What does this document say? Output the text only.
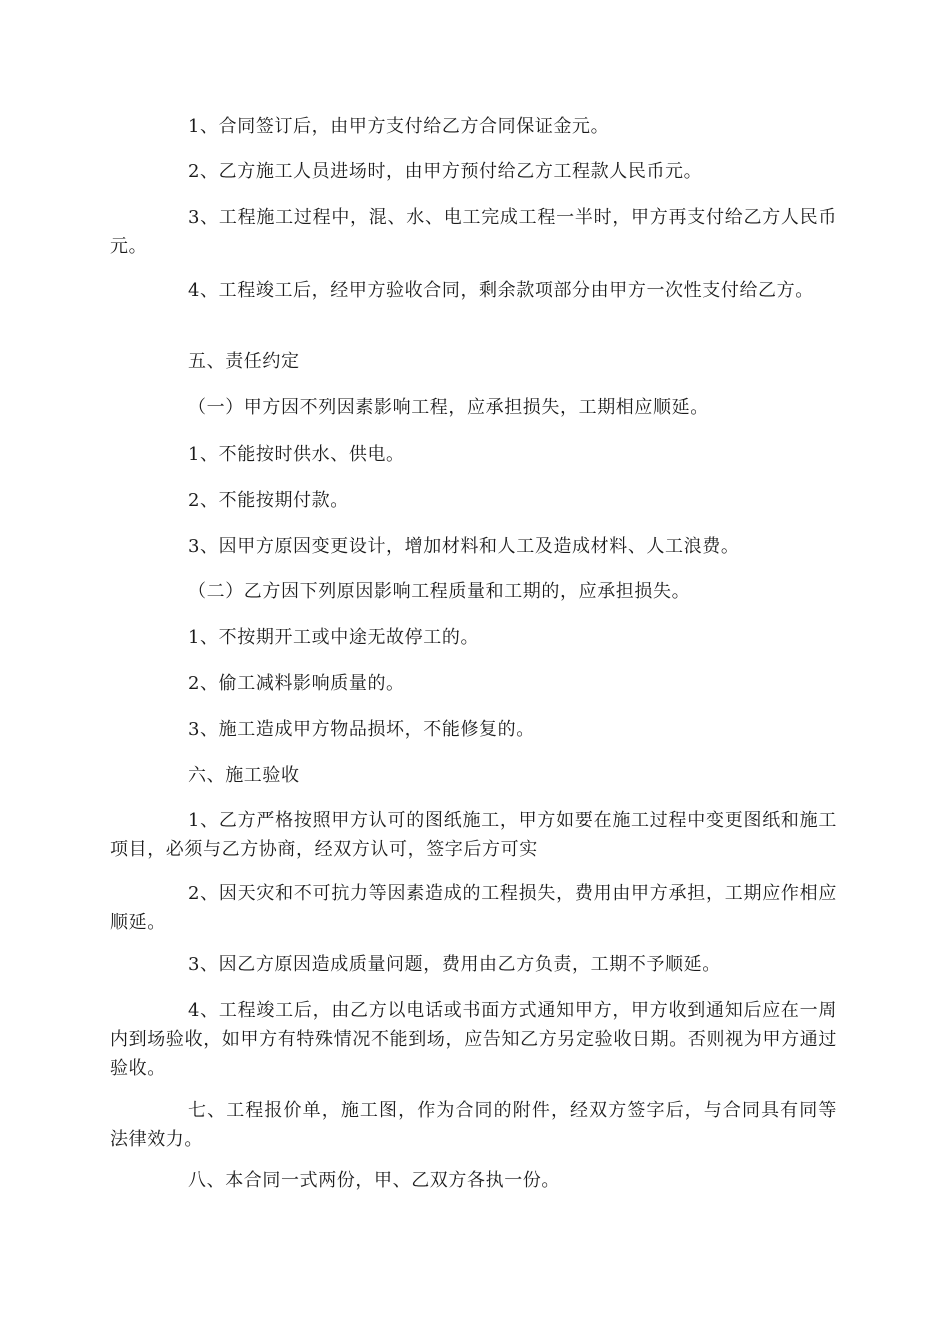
1、合同签订后，由甲方支付给乙方合同保证金元。

2、乙方施工人员进场时，由甲方预付给乙方工程款人民币元。

3、工程施工过程中，混、水、电工完成工程一半时，甲方再支付给乙方人民币元。

4、工程竣工后，经甲方验收合同，剩余款项部分由甲方一次性支付给乙方。

五、责任约定

（一）甲方因不列因素影响工程，应承担损失，工期相应顺延。

1、不能按时供水、供电。

2、不能按期付款。

3、因甲方原因变更设计，增加材料和人工及造成材料、人工浪费。

（二）乙方因下列原因影响工程质量和工期的，应承担损失。

1、不按期开工或中途无故停工的。

2、偷工减料影响质量的。

3、施工造成甲方物品损坏，不能修复的。

六、施工验收

1、乙方严格按照甲方认可的图纸施工，甲方如要在施工过程中变更图纸和施工项目，必须与乙方协商，经双方认可，签字后方可实

2、因天灾和不可抗力等因素造成的工程损失，费用由甲方承担，工期应作相应顺延。

3、因乙方原因造成质量问题，费用由乙方负责，工期不予顺延。

4、工程竣工后，由乙方以电话或书面方式通知甲方，甲方收到通知后应在一周内到场验收，如甲方有特殊情况不能到场，应告知乙方另定验收日期。否则视为甲方通过验收。

七、工程报价单，施工图，作为合同的附件，经双方签字后，与合同具有同等法律效力。

八、本合同一式两份，甲、乙双方各执一份。
